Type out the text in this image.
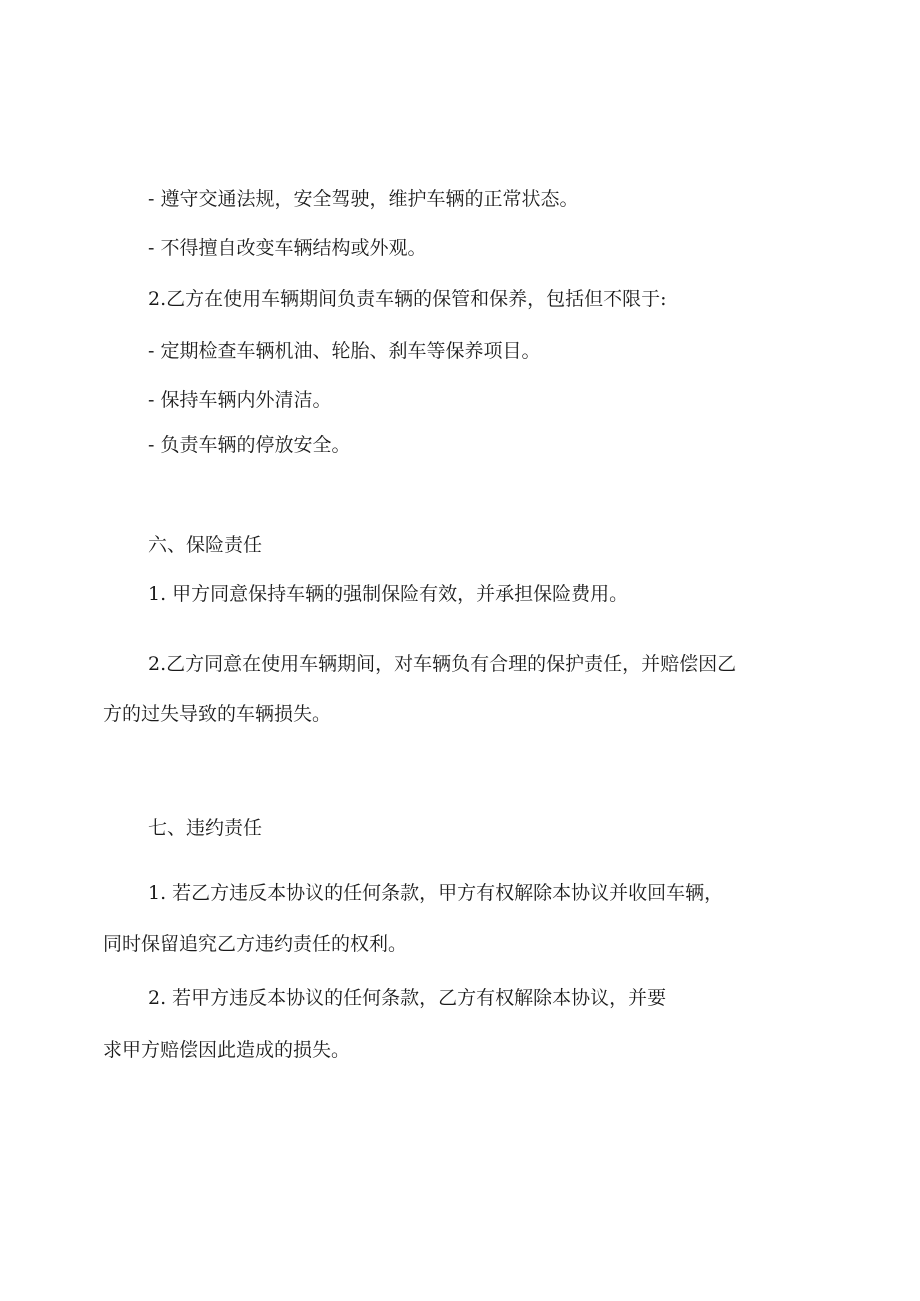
- 遵守交通法规，安全驾驶，维护车辆的正常状态。

- 不得擅自改变车辆结构或外观。

2.乙方在使用车辆期间负责车辆的保管和保养，包括但不限于:

- 定期检查车辆机油、轮胎、刹车等保养项目。

- 保持车辆内外清洁。

- 负责车辆的停放安全。

六、保险责任

1. 甲方同意保持车辆的强制保险有效，并承担保险费用。

2.乙方同意在使用车辆期间，对车辆负有合理的保护责任，并赔偿因乙

方的过失导致的车辆损失。

七、违约责任

1. 若乙方违反本协议的任何条款，甲方有权解除本协议并收回车辆，

同时保留追究乙方违约责任的权利。

2. 若甲方违反本协议的任何条款，乙方有权解除本协议，并要

求甲方赔偿因此造成的损失。
